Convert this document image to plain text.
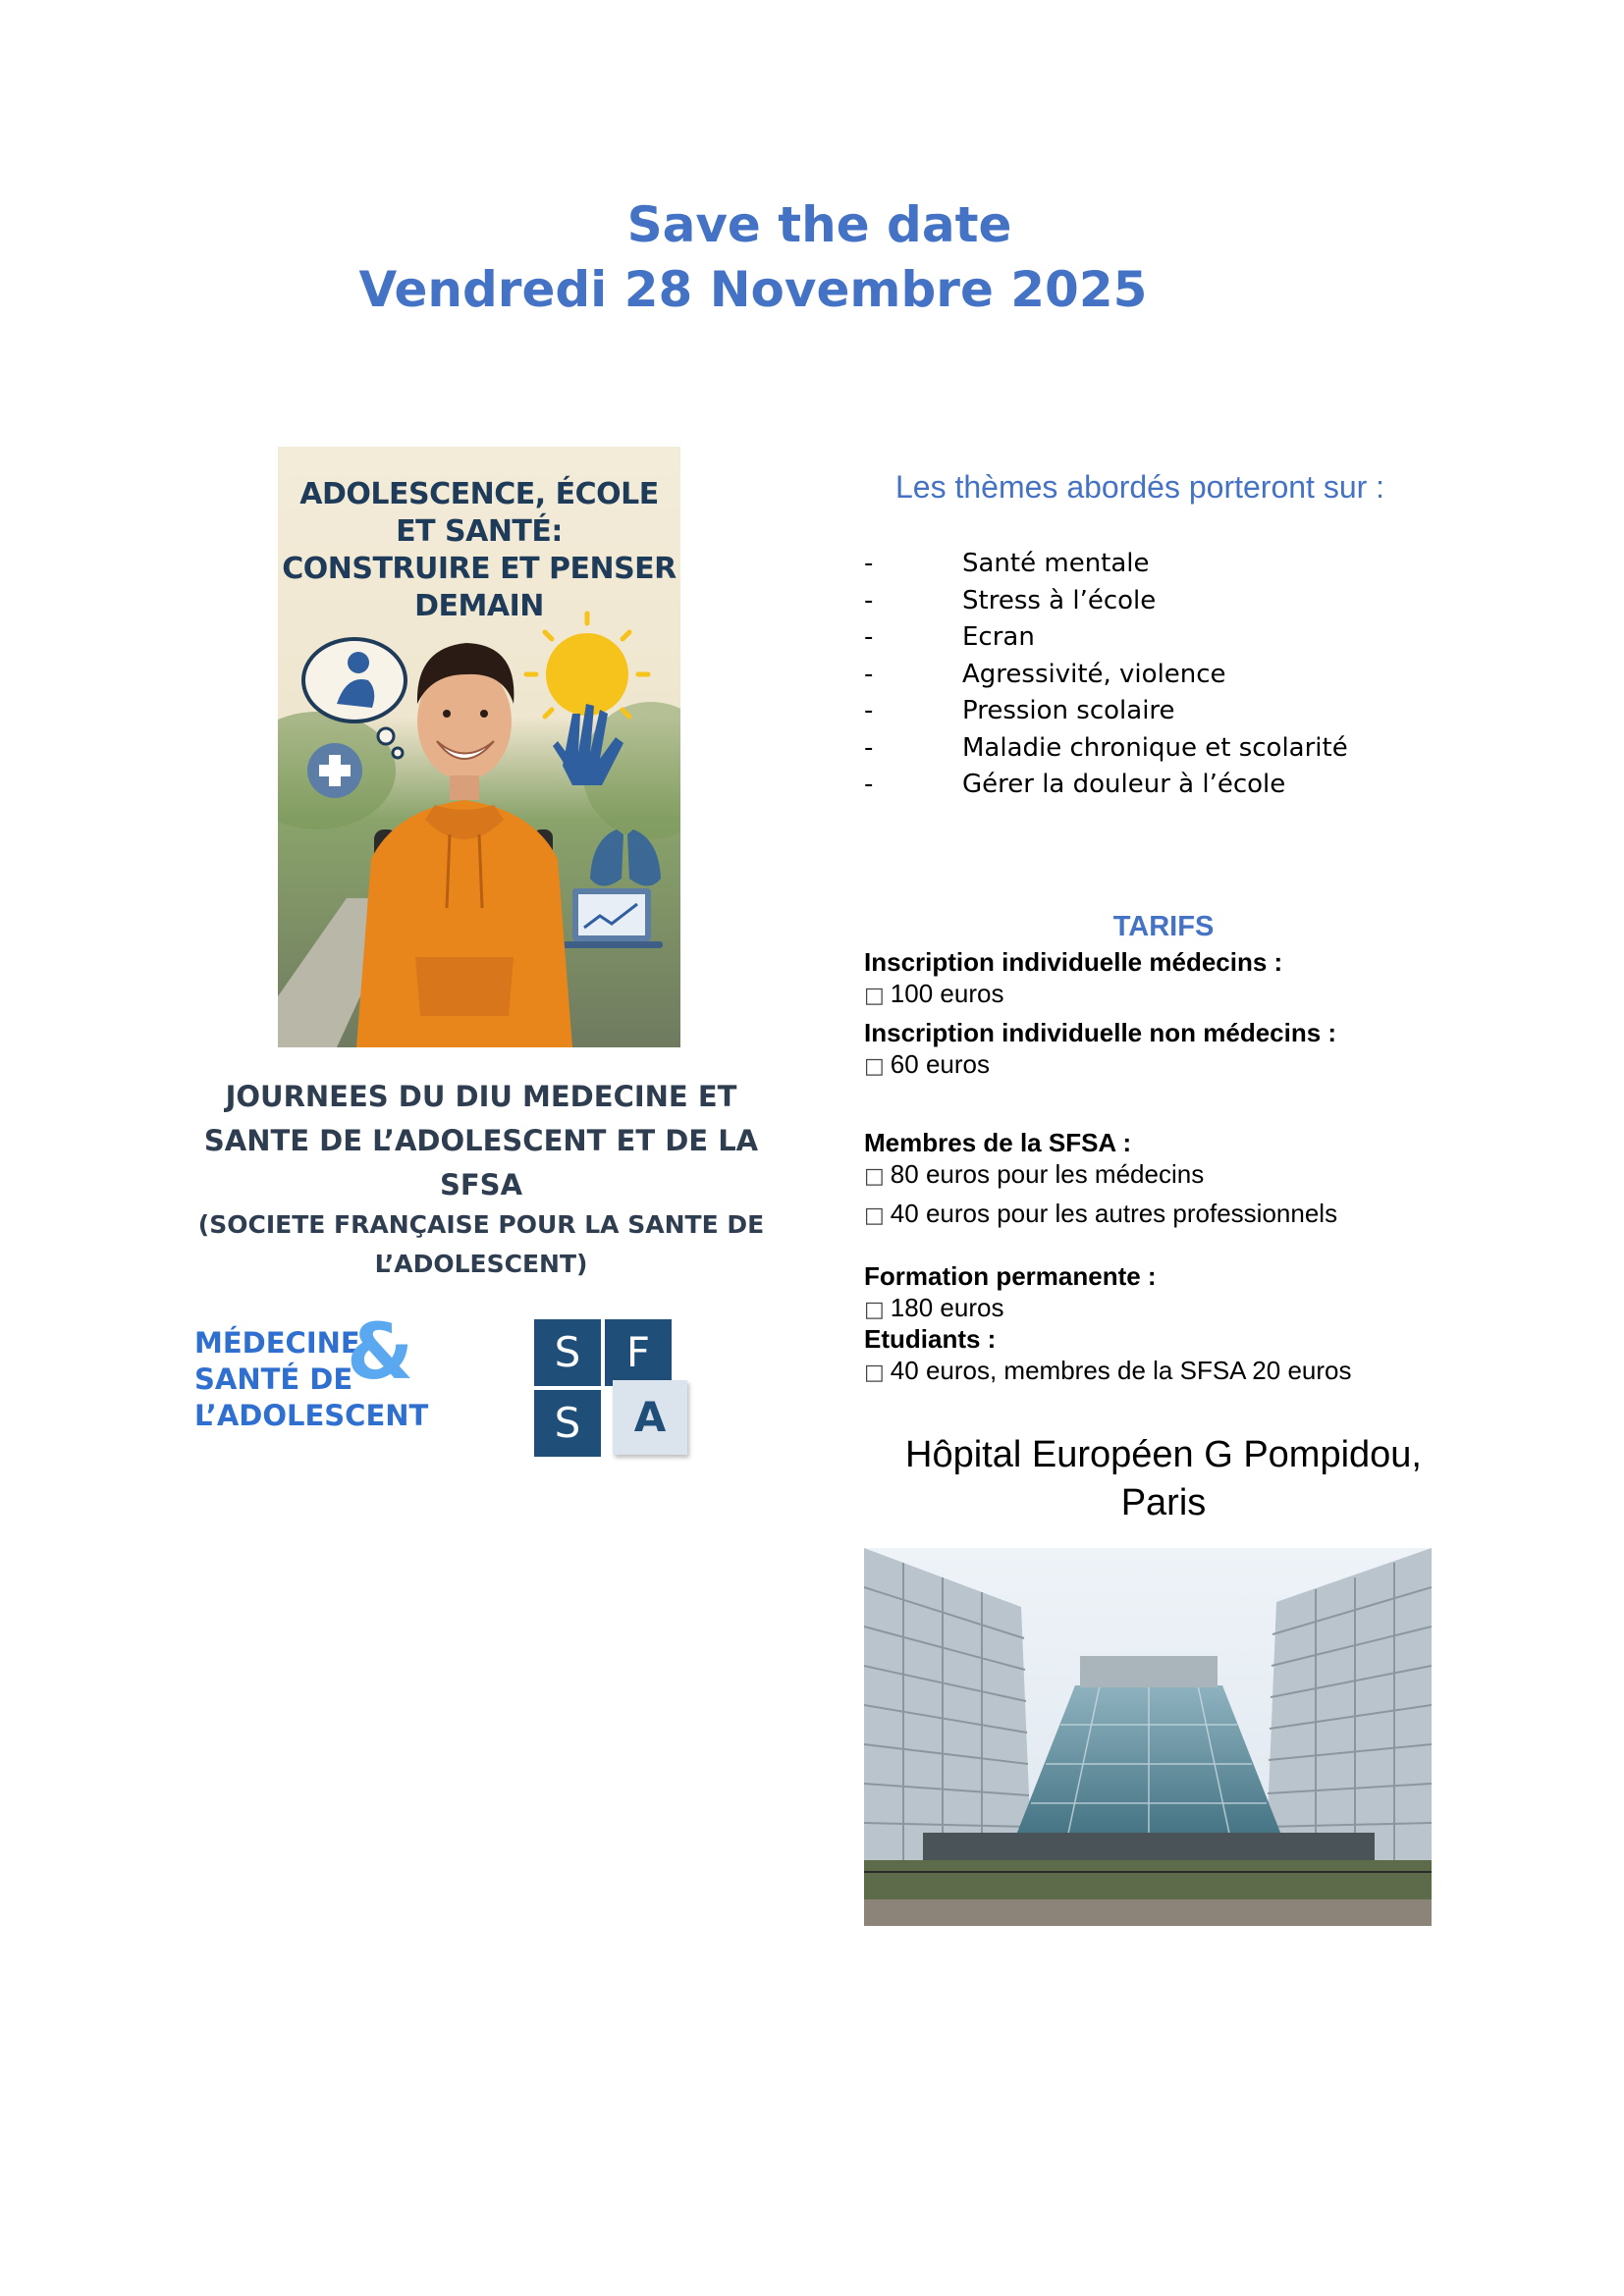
Save the date
Vendredi 28 Novembre 2025
ADOLESCENCE, ÉCOLE
ET SANTÉ:
CONSTRUIRE ET PENSER
DEMAIN
JOURNEES DU DIU MEDECINE ET
SANTE DE L’ADOLESCENT ET DE LA
SFSA
(SOCIETE FRANÇAISE POUR LA SANTE DE
L’ADOLESCENT)
MÉDECINE
SANTÉ DE
L’ADOLESCENT
&	S	F
S	A
Les thèmes abordés porteront sur :
-	Santé mentale
-	Stress à l’école
-	Ecran
-	Agressivité, violence
-	Pression scolaire
-	Maladie chronique et scolarité
-	Gérer la douleur à l’école
TARIFS
Inscription individuelle médecins :
□ 100 euros
Inscription individuelle non médecins :
□ 60 euros
Membres de la SFSA :
□ 80 euros pour les médecins
□ 40 euros pour les autres professionnels
Formation permanente :
□ 180 euros
Etudiants :
□ 40 euros, membres de la SFSA 20 euros
Hôpital Européen G Pompidou,
Paris
